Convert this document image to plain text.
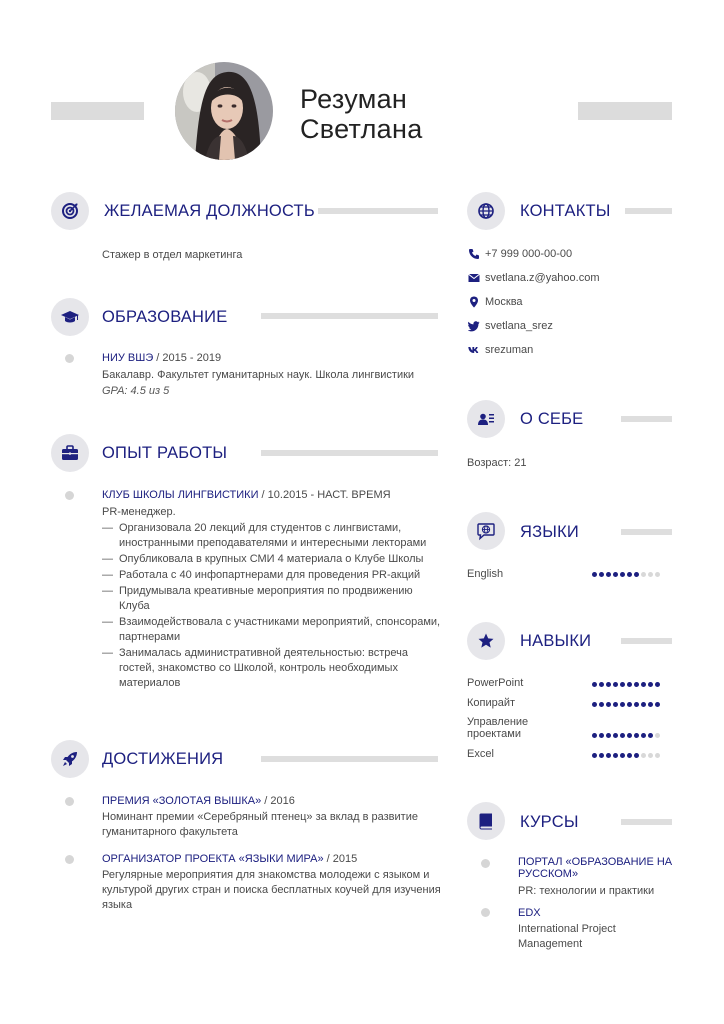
Резуман
Светлана
ЖЕЛАЕМАЯ ДОЛЖНОСТЬ
Стажер в отдел маркетинга
ОБРАЗОВАНИЕ
НИУ ВШЭ / 2015 - 2019
Бакалавр. Факультет гуманитарных наук. Школа лингвистики
GPA: 4.5 из 5
ОПЫТ РАБОТЫ
КЛУБ ШКОЛЫ ЛИНГВИСТИКИ / 10.2015 - НАСТ. ВРЕМЯ
PR-менеджер.
— Организовала 20 лекций для студентов с лингвистами, иностранными преподавателями и интересными лекторами
— Опубликовала в крупных СМИ 4 материала о Клубе Школы
— Работала с 40 инфопартнерами для проведения PR-акций
— Придумывала креативные мероприятия по продвижению Клуба
— Взаимодействовала с участниками мероприятий, спонсорами, партнерами
— Занималась административной деятельностью: встреча гостей, знакомство со Школой, контроль необходимых материалов
ДОСТИЖЕНИЯ
ПРЕМИЯ «ЗОЛОТАЯ ВЫШКА» / 2016
Номинант премии «Серебряный птенец» за вклад в развитие гуманитарного факультета
ОРГАНИЗАТОР ПРОЕКТА «ЯЗЫКИ МИРА» / 2015
Регулярные мероприятия для знакомства молодежи с языком и культурой других стран и поиска бесплатных коучей для изучения языка
КОНТАКТЫ
+7 999 000-00-00
svetlana.z@yahoo.com
Москва
svetlana_srez
srezuman
О СЕБЕ
Возраст: 21
ЯЗЫКИ
English
НАВЫКИ
PowerPoint
Копирайт
Управление проектами
Excel
КУРСЫ
ПОРТАЛ «ОБРАЗОВАНИЕ НА РУССКОМ»
PR: технологии и практики
EDX
International Project Management
